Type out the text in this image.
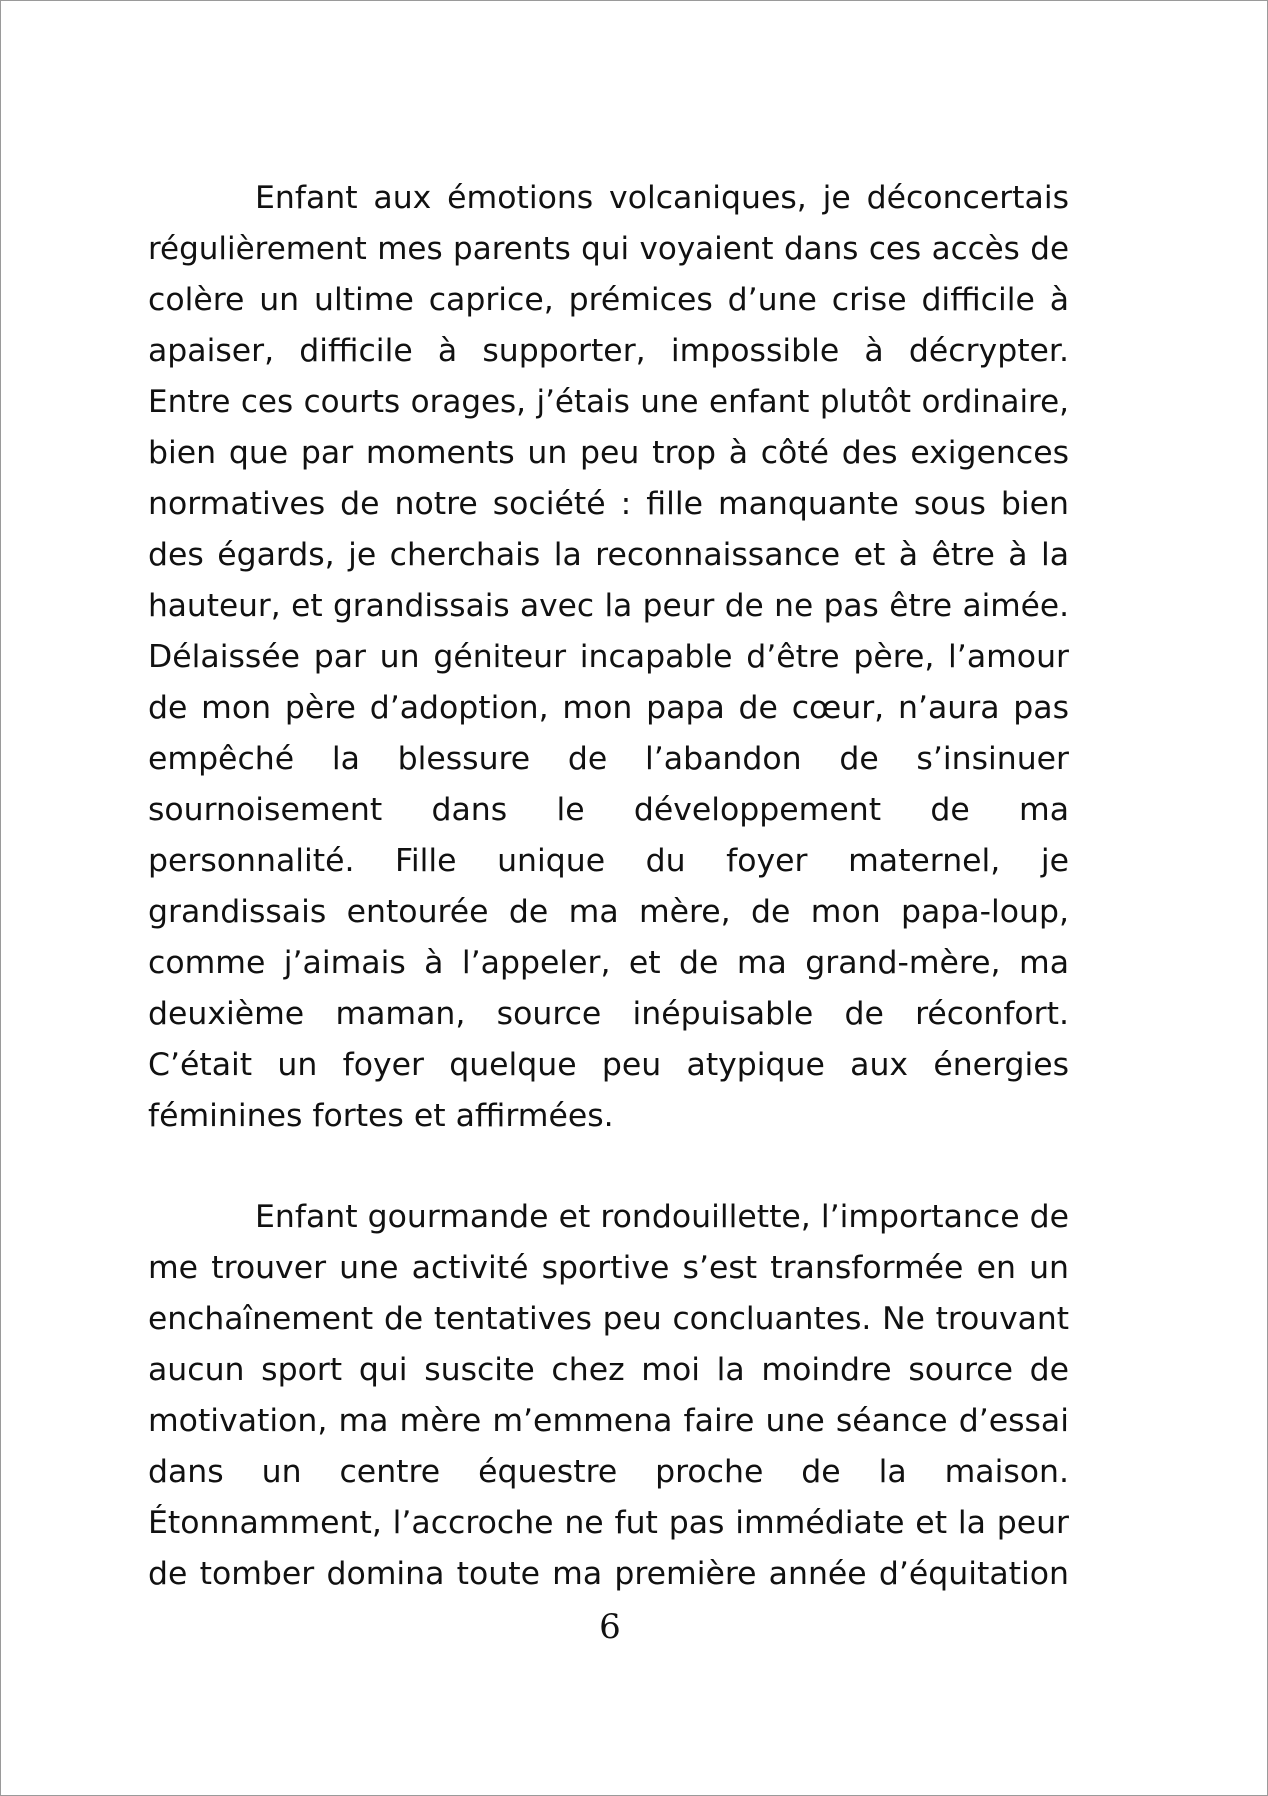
Enfant aux émotions volcaniques, je déconcertais
régulièrement mes parents qui voyaient dans ces accès de
colère un ultime caprice, prémices d’une crise difficile à
apaiser, difficile à supporter, impossible à décrypter.
Entre ces courts orages, j’étais une enfant plutôt ordinaire,
bien que par moments un peu trop à côté des exigences
normatives de notre société : fille manquante sous bien
des égards, je cherchais la reconnaissance et à être à la
hauteur, et grandissais avec la peur de ne pas être aimée.
Délaissée par un géniteur incapable d’être père, l’amour
de mon père d’adoption, mon papa de cœur, n’aura pas
empêché la blessure de l’abandon de s’insinuer
sournoisement dans le développement de ma
personnalité. Fille unique du foyer maternel, je
grandissais entourée de ma mère, de mon papa-loup,
comme j’aimais à l’appeler, et de ma grand-mère, ma
deuxième maman, source inépuisable de réconfort.
C’était un foyer quelque peu atypique aux énergies
féminines fortes et affirmées.
Enfant gourmande et rondouillette, l’importance de
me trouver une activité sportive s’est transformée en un
enchaînement de tentatives peu concluantes. Ne trouvant
aucun sport qui suscite chez moi la moindre source de
motivation, ma mère m’emmena faire une séance d’essai
dans un centre équestre proche de la maison.
Étonnamment, l’accroche ne fut pas immédiate et la peur
de tomber domina toute ma première année d’équitation
6
